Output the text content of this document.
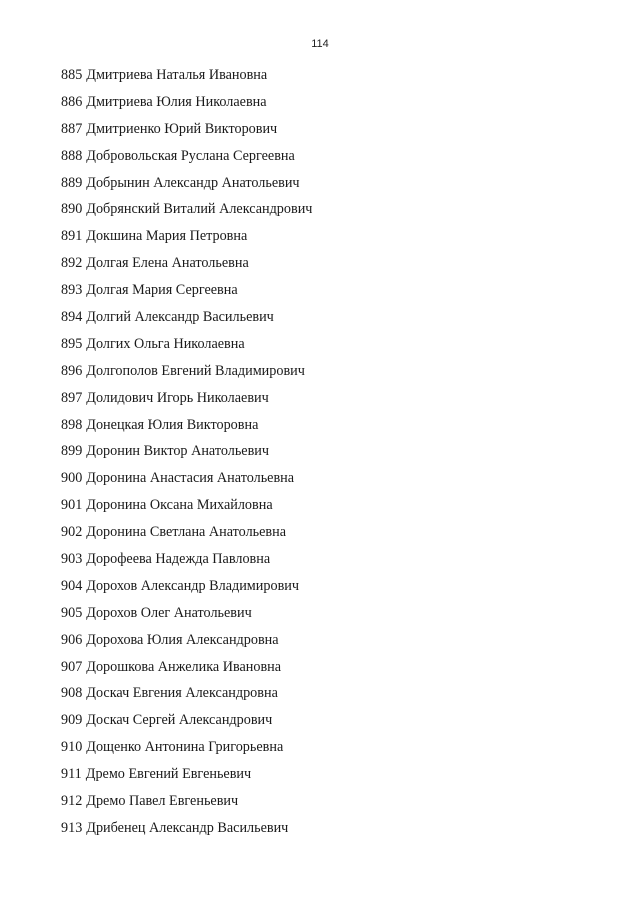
114
885 Дмитриева Наталья Ивановна
886 Дмитриева Юлия Николаевна
887 Дмитриенко Юрий Викторович
888 Добровольская Руслана Сергеевна
889 Добрынин Александр Анатольевич
890 Добрянский Виталий Александрович
891 Докшина Мария Петровна
892 Долгая Елена Анатольевна
893 Долгая Мария Сергеевна
894 Долгий Александр Васильевич
895 Долгих Ольга Николаевна
896 Долгополов Евгений Владимирович
897 Долидович Игорь Николаевич
898 Донецкая Юлия Викторовна
899 Доронин Виктор Анатольевич
900 Доронина Анастасия Анатольевна
901 Доронина Оксана Михайловна
902 Доронина Светлана Анатольевна
903 Дорофеева Надежда Павловна
904 Дорохов Александр Владимирович
905 Дорохов Олег Анатольевич
906 Дорохова Юлия Александровна
907 Дорошкова Анжелика Ивановна
908 Доскач Евгения Александровна
909 Доскач Сергей Александрович
910 Дощенко Антонина Григорьевна
911 Дремо Евгений Евгеньевич
912 Дремо Павел Евгеньевич
913 Дрибенец Александр Васильевич
